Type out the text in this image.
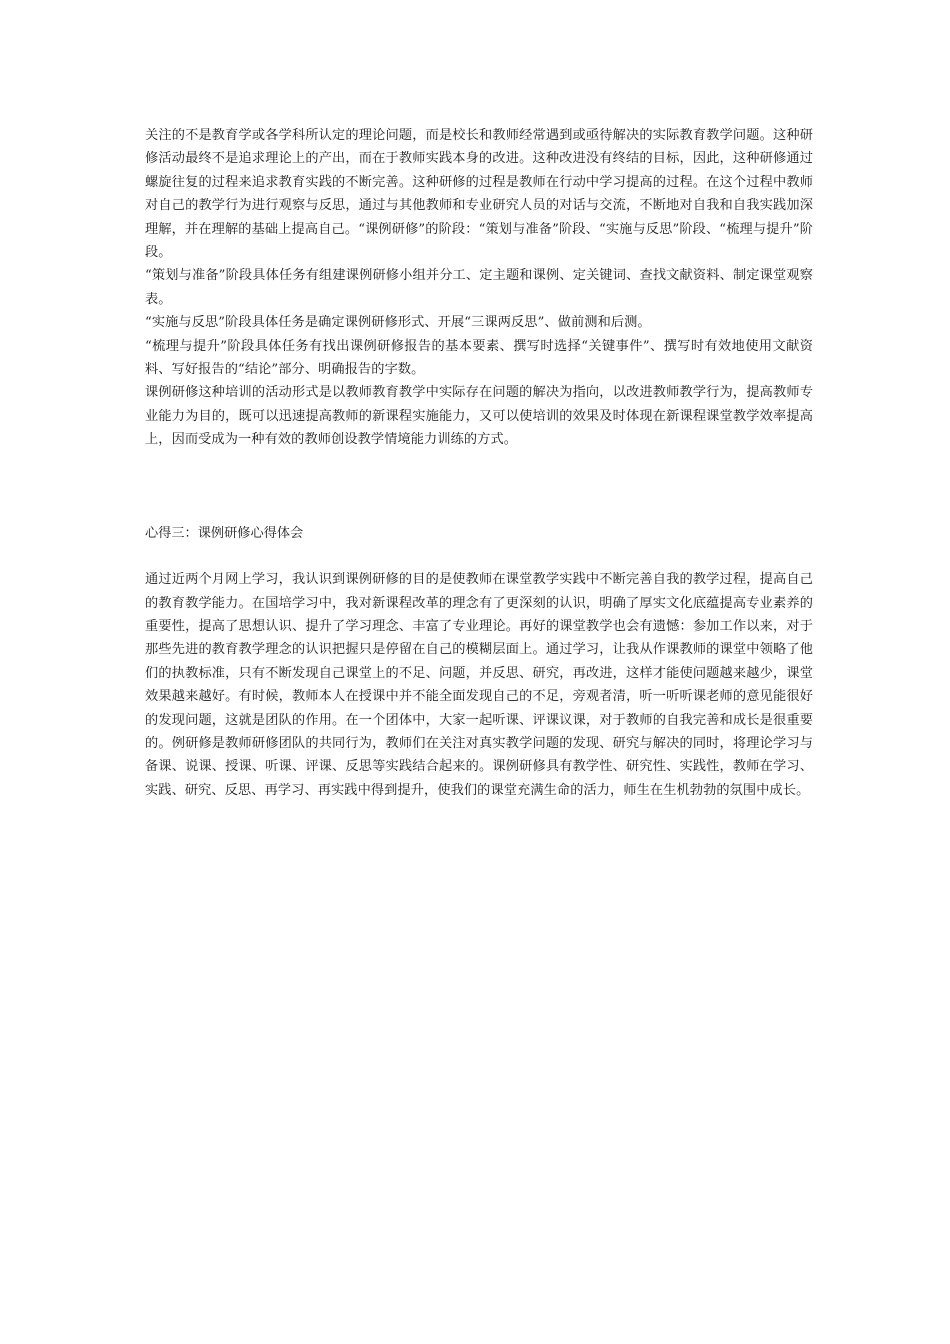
关注的不是教育学或各学科所认定的理论问题，而是校长和教师经常遇到或亟待解决的实际教育教学问题。这种研修活动最终不是追求理论上的产出，而在于教师实践本身的改进。这种改进没有终结的目标，因此，这种研修通过螺旋往复的过程来追求教育实践的不断完善。这种研修的过程是教师在行动中学习提高的过程。在这个过程中教师对自己的教学行为进行观察与反思，通过与其他教师和专业研究人员的对话与交流，不断地对自我和自我实践加深理解，并在理解的基础上提高自己。“课例研修”的阶段：“策划与准备”阶段、“实施与反思”阶段、“梳理与提升”阶段。

“策划与准备”阶段具体任务有组建课例研修小组并分工、定主题和课例、定关键词、查找文献资料、制定课堂观察表。

“实施与反思”阶段具体任务是确定课例研修形式、开展“三课两反思”、做前测和后测。

“梳理与提升”阶段具体任务有找出课例研修报告的基本要素、撰写时选择“关键事件”、撰写时有效地使用文献资料、写好报告的“结论”部分、明确报告的字数。

课例研修这种培训的活动形式是以教师教育教学中实际存在问题的解决为指向，以改进教师教学行为，提高教师专业能力为目的，既可以迅速提高教师的新课程实施能力，又可以使培训的效果及时体现在新课程课堂教学效率提高上，因而受成为一种有效的教师创设教学情境能力训练的方式。

心得三：课例研修心得体会

通过近两个月网上学习，我认识到课例研修的目的是使教师在课堂教学实践中不断完善自我的教学过程，提高自己的教育教学能力。在国培学习中，我对新课程改革的理念有了更深刻的认识，明确了厚实文化底蕴提高专业素养的重要性，提高了思想认识、提升了学习理念、丰富了专业理论。再好的课堂教学也会有遗憾：参加工作以来，对于那些先进的教育教学理念的认识把握只是停留在自己的模糊层面上。通过学习，让我从作课教师的课堂中领略了他们的执教标准，只有不断发现自己课堂上的不足、问题，并反思、研究，再改进，这样才能使问题越来越少，课堂效果越来越好。有时候，教师本人在授课中并不能全面发现自己的不足，旁观者清，听一听听课老师的意见能很好的发现问题，这就是团队的作用。在一个团体中，大家一起听课、评课议课，对于教师的自我完善和成长是很重要的。例研修是教师研修团队的共同行为，教师们在关注对真实教学问题的发现、研究与解决的同时，将理论学习与备课、说课、授课、听课、评课、反思等实践结合起来的。课例研修具有教学性、研究性、实践性，教师在学习、实践、研究、反思、再学习、再实践中得到提升，使我们的课堂充满生命的活力，师生在生机勃勃的氛围中成长。
